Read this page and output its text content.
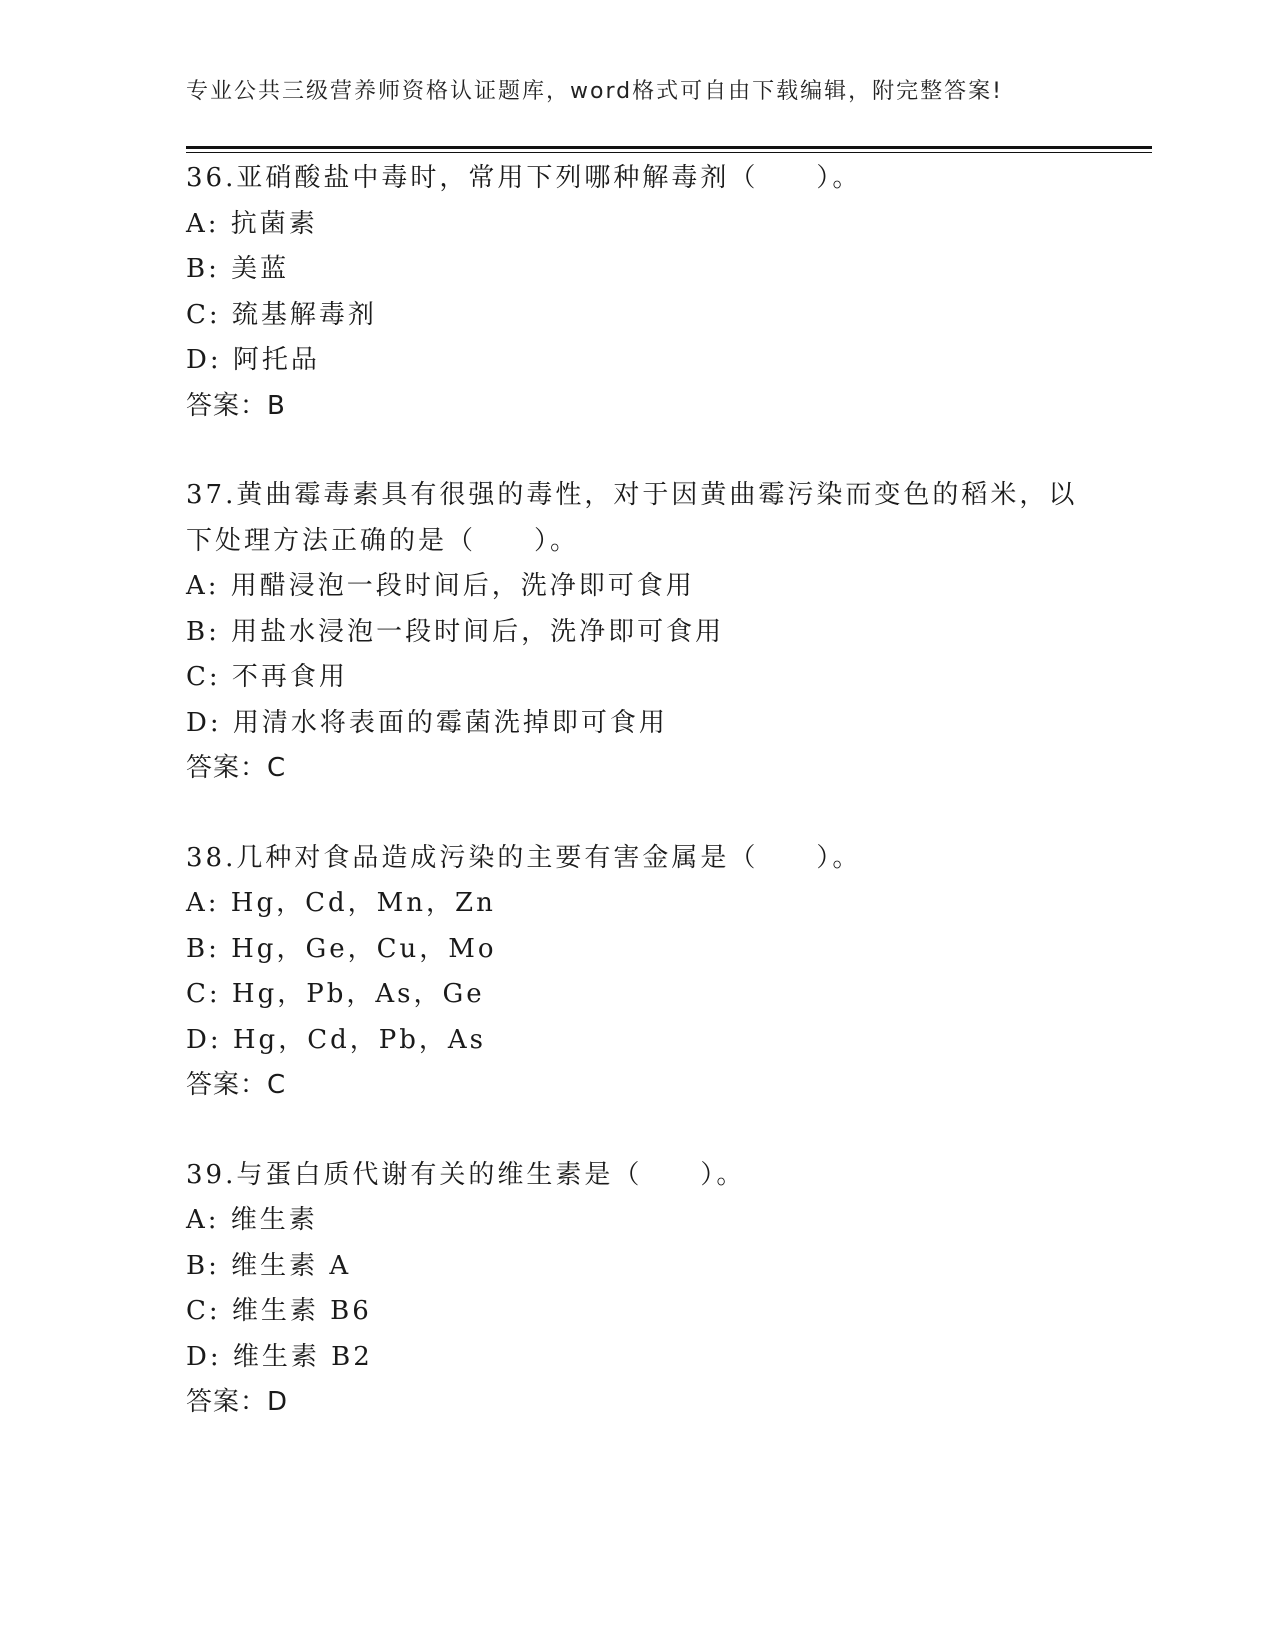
专业公共三级营养师资格认证题库，word格式可自由下载编辑，附完整答案!

36.亚硝酸盐中毒时，常用下列哪种解毒剂（　　）。

A: 抗菌素

B: 美蓝

C: 巯基解毒剂

D: 阿托品

答案：B

37.黄曲霉毒素具有很强的毒性，对于因黄曲霉污染而变色的稻米，以

下处理方法正确的是（　　）。

A: 用醋浸泡一段时间后，洗净即可食用

B: 用盐水浸泡一段时间后，洗净即可食用

C: 不再食用

D: 用清水将表面的霉菌洗掉即可食用

答案：C

38.几种对食品造成污染的主要有害金属是（　　）。

A: Hg，Cd，Mn，Zn

B: Hg，Ge，Cu，Mo

C: Hg，Pb，As，Ge

D: Hg，Cd，Pb，As

答案：C

39.与蛋白质代谢有关的维生素是（　　）。

A: 维生素

B: 维生素 A

C: 维生素 B6

D: 维生素 B2

答案：D
